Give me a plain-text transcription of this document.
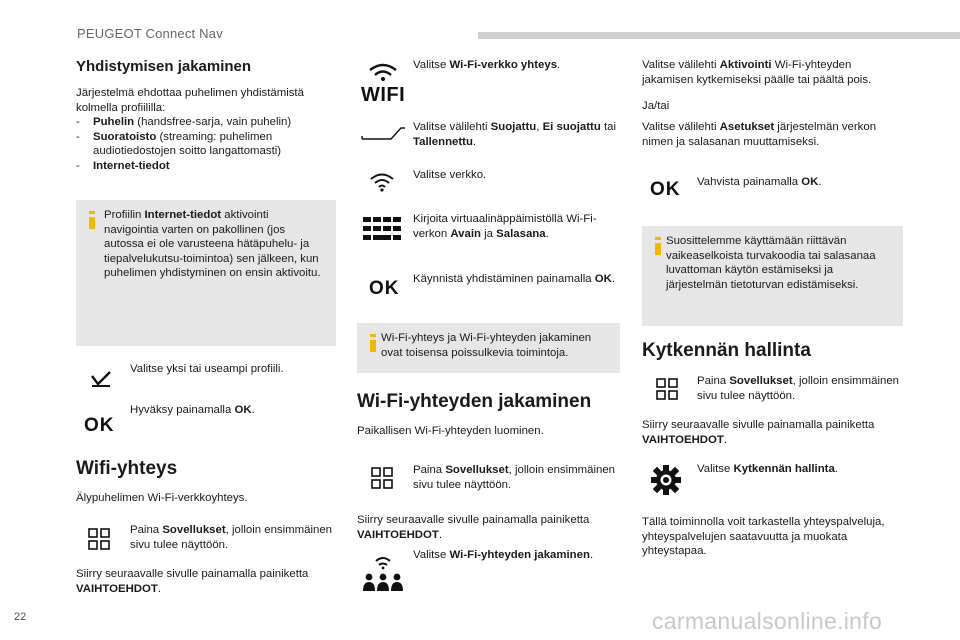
PEUGEOT Connect Nav
Yhdistymisen jakaminen

Järjestelmä ehdottaa puhelimen yhdistämistä kolmella profiililla:

- Puhelin (handsfree-sarja, vain puhelin)
- Suoratoisto (streaming: puhelimen audiotiedostojen soitto langattomasti)
- Internet-tiedot

Profiilin Internet-tiedot aktivointi navigointia varten on pakollinen (jos autossa ei ole varusteena hätäpuhelu- ja tiepalvelukutsu-toimintoa) sen jälkeen, kun puhelimen yhdistyminen on ensin aktivoitu.

Valitse yksi tai useampi profiili.

OK

Hyväksy painamalla OK.

Wifi-yhteys

Älypuhelimen Wi-Fi-verkkoyhteys.

Paina Sovellukset, jolloin ensimmäinen sivu tulee näyttöön.

Siirry seuraavalle sivulle painamalla painiketta VAIHTOEHDOT.

WIFI

Valitse Wi-Fi-verkko yhteys.

Valitse välilehti Suojattu, Ei suojattu tai Tallennettu.

Valitse verkko.

Kirjoita virtuaalinäppäimistöllä Wi-Fi-verkon Avain ja Salasana.

OK Käynnistä yhdistäminen painamalla OK.

Wi-Fi-yhteys ja Wi-Fi-yhteyden jakaminen ovat toisensa poissulkevia toimintoja.

Wi-Fi-yhteyden jakaminen

Paikallisen Wi-Fi-yhteyden luominen.

Paina Sovellukset, jolloin ensimmäinen sivu tulee näyttöön.

Siirry seuraavalle sivulle painamalla painiketta VAIHTOEHDOT.

Valitse Wi-Fi-yhteyden jakaminen.

Valitse välilehti Aktivointi Wi-Fi-yhteyden jakamisen kytkemiseksi päälle tai päältä pois.

Ja/tai

Valitse välilehti Asetukset järjestelmän verkon nimen ja salasanan muuttamiseksi.

OK Vahvista painamalla OK.

Suosittelemme käyttämään riittävän vaikeaselkoista turvakoodia tai salasanaa luvattoman käytön estämiseksi ja järjestelmän tietoturvan edistämiseksi.

Kytkennän hallinta

Paina Sovellukset, jolloin ensimmäinen sivu tulee näyttöön.

Siirry seuraavalle sivulle painamalla painiketta VAIHTOEHDOT.

Valitse Kytkennän hallinta.

Tällä toiminnolla voit tarkastella yhteyspalveluja, yhteyspalvelujen saatavuutta ja muokata yhteystapaa.

22	carmanualsonline.info
